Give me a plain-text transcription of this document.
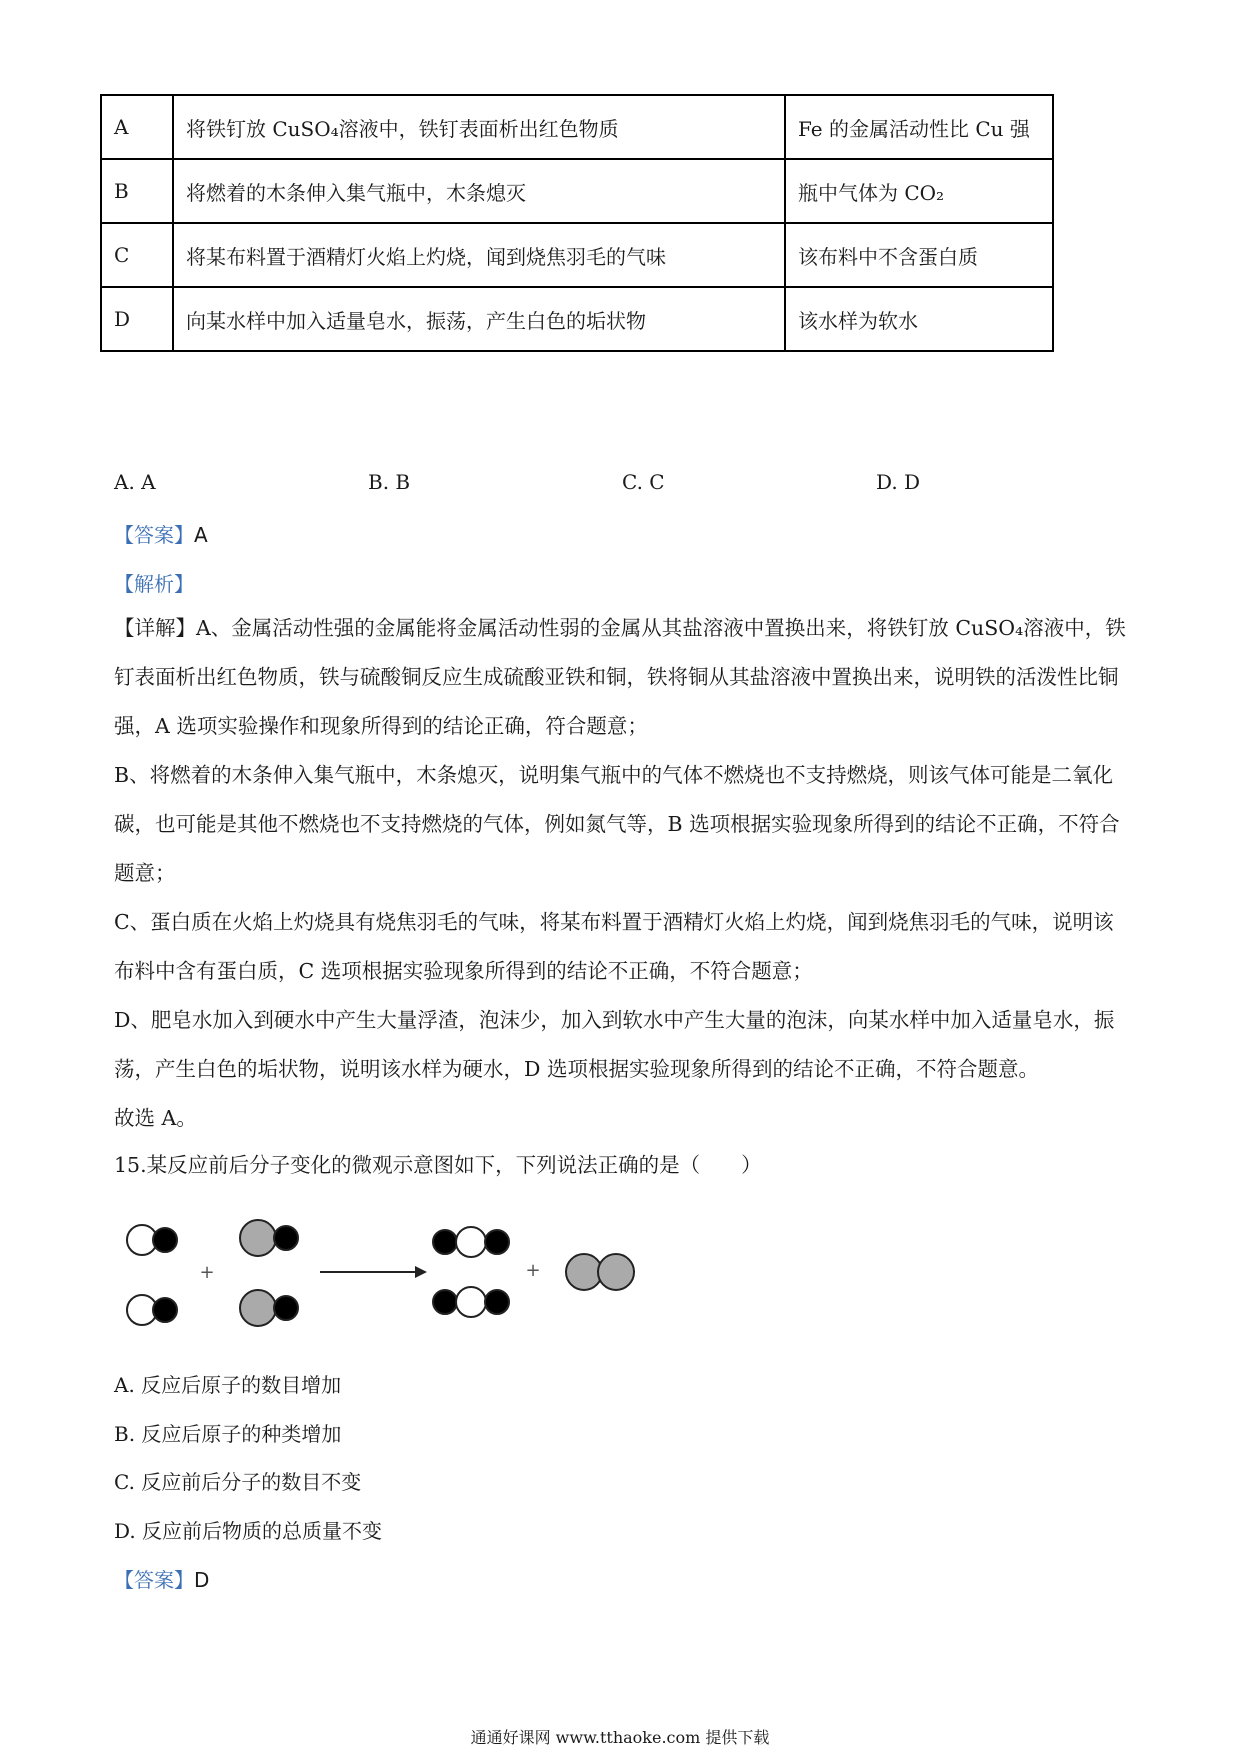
A	将铁钉放 CuSO₄溶液中，铁钉表面析出红色物质	Fe 的金属活动性比 Cu 强
B	将燃着的木条伸入集气瓶中，木条熄灭	瓶中气体为 CO₂
C	将某布料置于酒精灯火焰上灼烧，闻到烧焦羽毛的气味	该布料中不含蛋白质
D	向某水样中加入适量皂水，振荡，产生白色的垢状物	该水样为软水
A. A	B. B	C. C	D. D
【答案】A
【解析】
【详解】A、金属活动性强的金属能将金属活动性弱的金属从其盐溶液中置换出来，将铁钉放 CuSO₄溶液中，铁钉表面析出红色物质，铁与硫酸铜反应生成硫酸亚铁和铜，铁将铜从其盐溶液中置换出来，说明铁的活泼性比铜强，A 选项实验操作和现象所得到的结论正确，符合题意；
B、将燃着的木条伸入集气瓶中，木条熄灭，说明集气瓶中的气体不燃烧也不支持燃烧，则该气体可能是二氧化碳，也可能是其他不燃烧也不支持燃烧的气体，例如氮气等，B 选项根据实验现象所得到的结论不正确，不符合题意；
C、蛋白质在火焰上灼烧具有烧焦羽毛的气味，将某布料置于酒精灯火焰上灼烧，闻到烧焦羽毛的气味，说明该布料中含有蛋白质，C 选项根据实验现象所得到的结论不正确，不符合题意；
D、肥皂水加入到硬水中产生大量浮渣，泡沫少，加入到软水中产生大量的泡沫，向某水样中加入适量皂水，振荡，产生白色的垢状物，说明该水样为硬水，D 选项根据实验现象所得到的结论不正确，不符合题意。
故选 A。
15.某反应前后分子变化的微观示意图如下，下列说法正确的是（　　）
+	+
A. 反应后原子的数目增加
B. 反应后原子的种类增加
C. 反应前后分子的数目不变
D. 反应前后物质的总质量不变
【答案】D
通通好课网 www.tthaoke.com 提供下载
